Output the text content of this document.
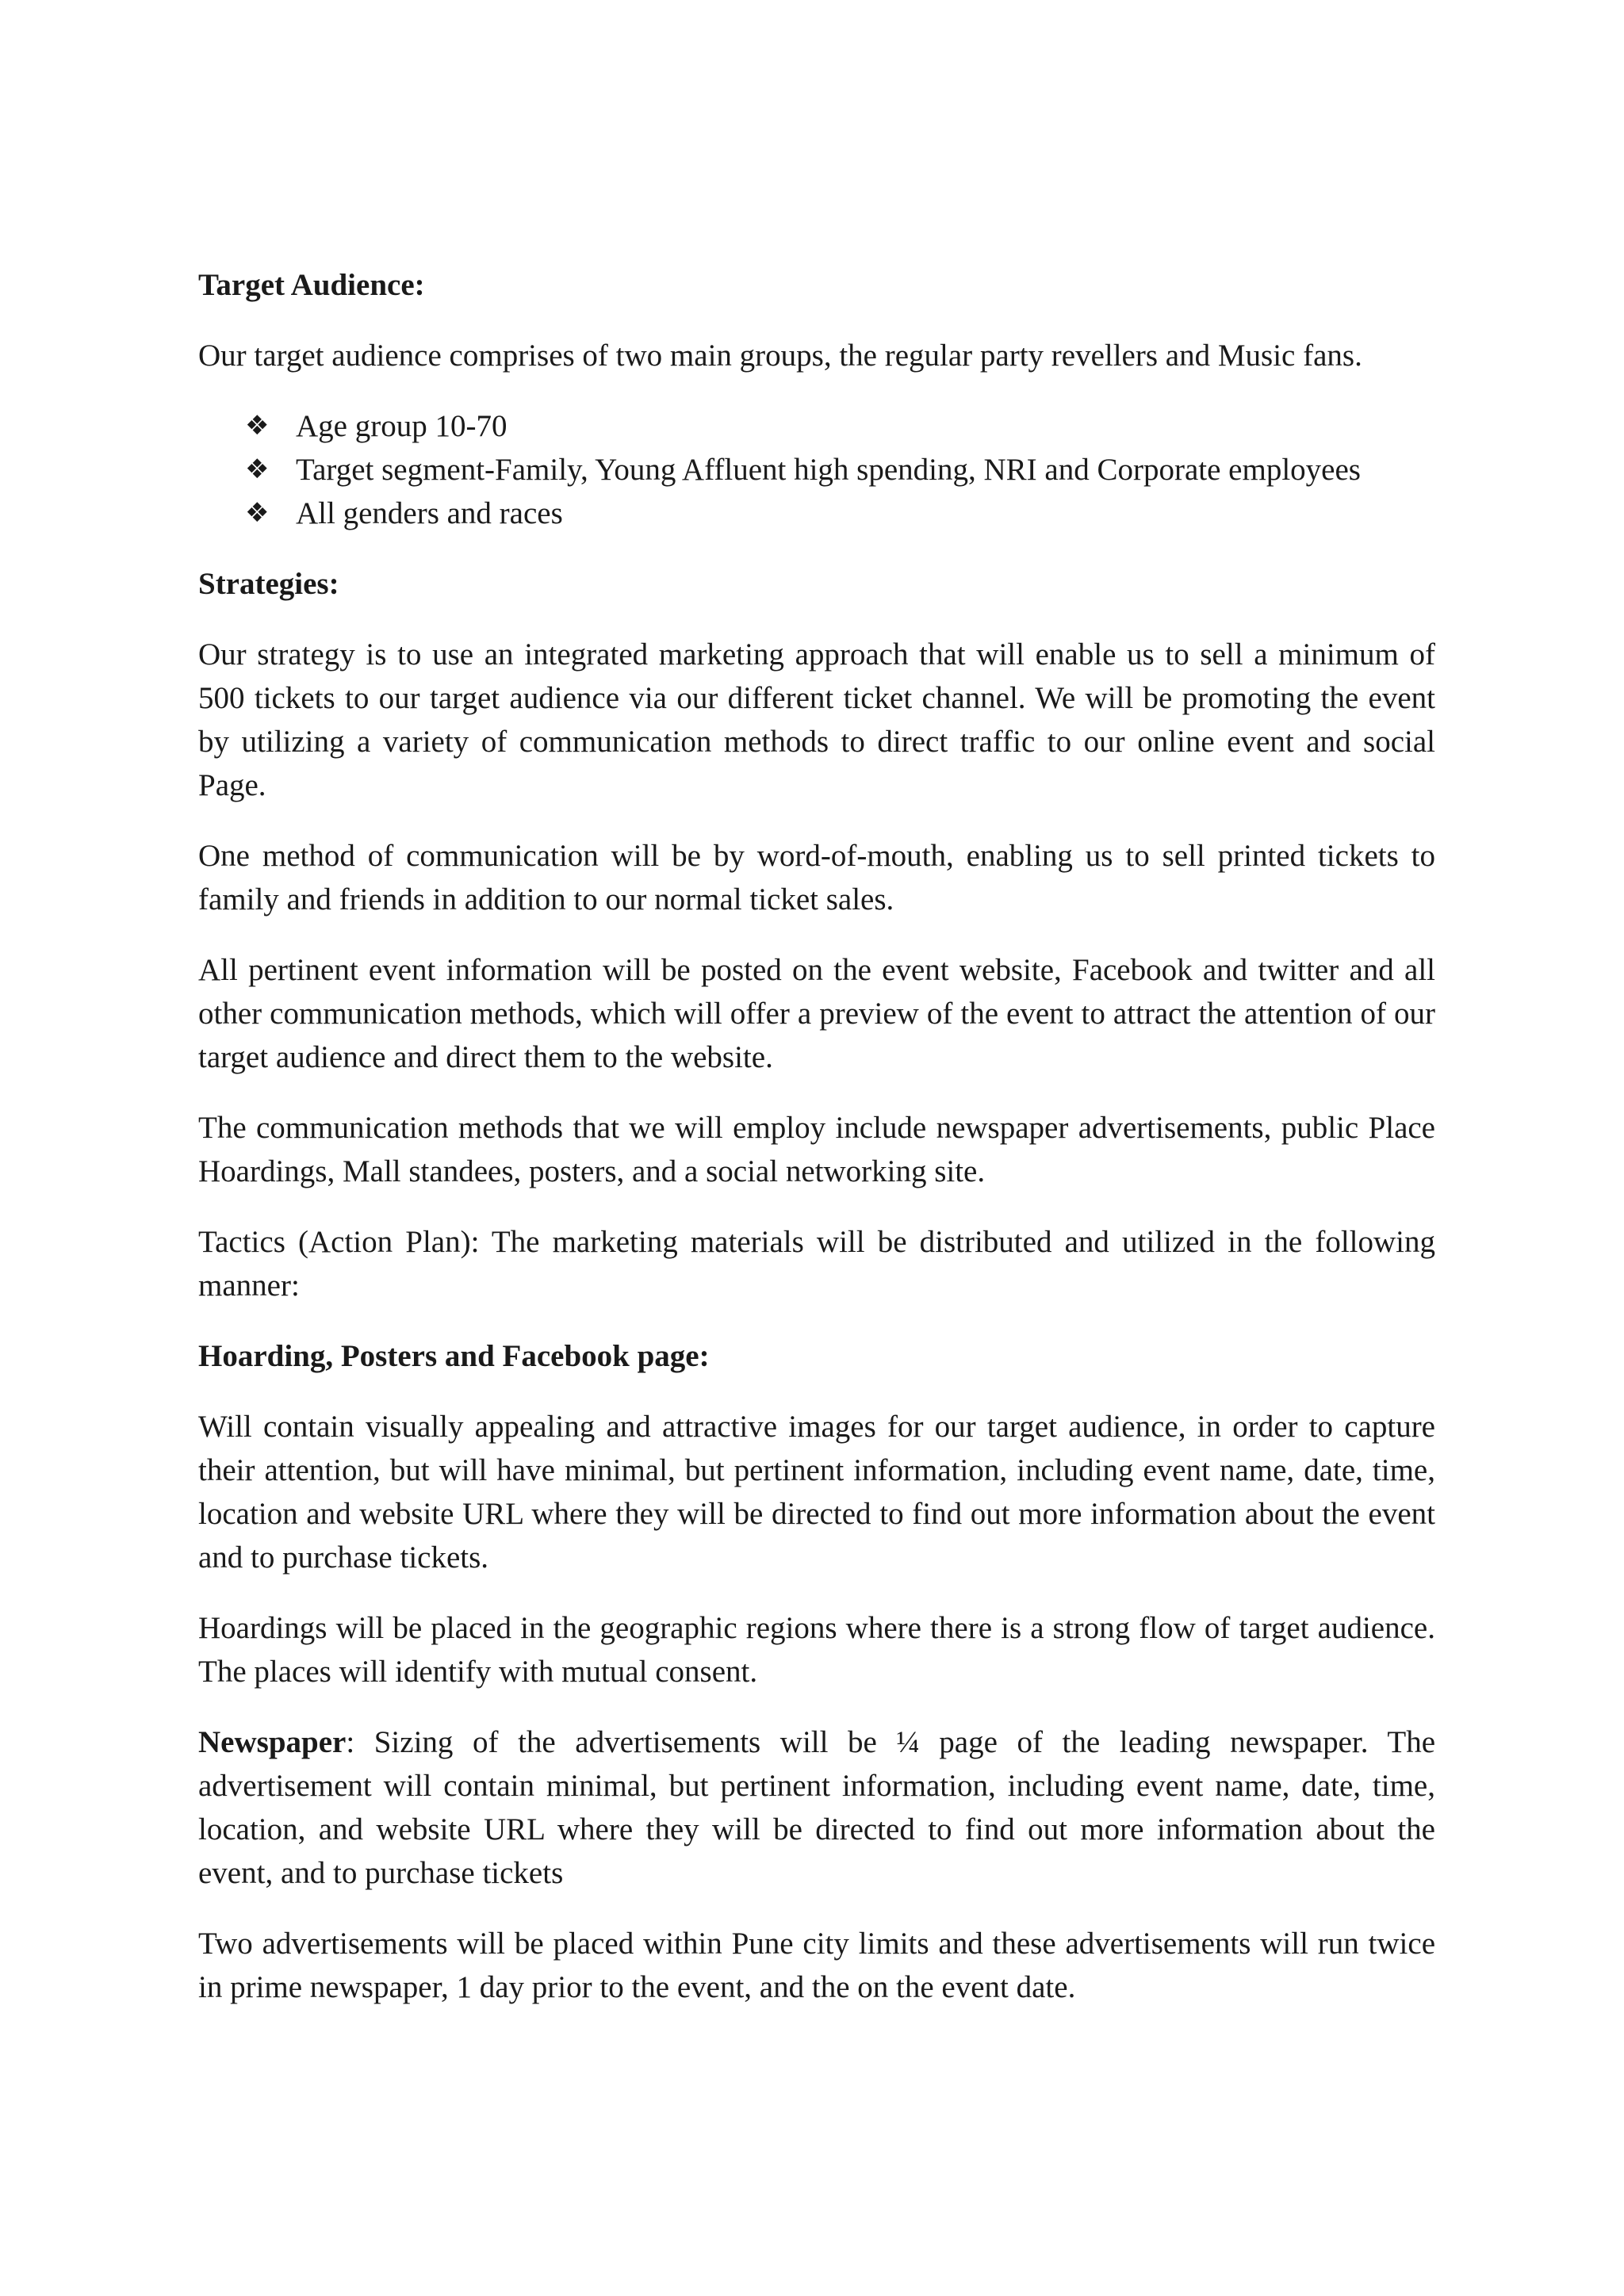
Target Audience:

Our target audience comprises of two main groups, the regular party revellers and Music fans.

❖ Age group 10-70
❖ Target segment-Family, Young Affluent high spending, NRI and Corporate employees
❖ All genders and races

Strategies:

Our strategy is to use an integrated marketing approach that will enable us to sell a minimum of 500 tickets to our target audience via our different ticket channel. We will be promoting the event by utilizing a variety of communication methods to direct traffic to our online event and social Page.

One method of communication will be by word-of-mouth, enabling us to sell printed tickets to family and friends in addition to our normal ticket sales.

All pertinent event information will be posted on the event website, Facebook and twitter and all other communication methods, which will offer a preview of the event to attract the attention of our target audience and direct them to the website.

The communication methods that we will employ include newspaper advertisements, public Place Hoardings, Mall standees, posters, and a social networking site.

Tactics (Action Plan): The marketing materials will be distributed and utilized in the following manner:

Hoarding, Posters and Facebook page:

Will contain visually appealing and attractive images for our target audience, in order to capture their attention, but will have minimal, but pertinent information, including event name, date, time, location and website URL where they will be directed to find out more information about the event and to purchase tickets.

Hoardings will be placed in the geographic regions where there is a strong flow of target audience. The places will identify with mutual consent.

Newspaper: Sizing of the advertisements will be ¼ page of the leading newspaper. The advertisement will contain minimal, but pertinent information, including event name, date, time, location, and website URL where they will be directed to find out more information about the event, and to purchase tickets

Two advertisements will be placed within Pune city limits and these advertisements will run twice in prime newspaper, 1 day prior to the event, and the on the event date.
